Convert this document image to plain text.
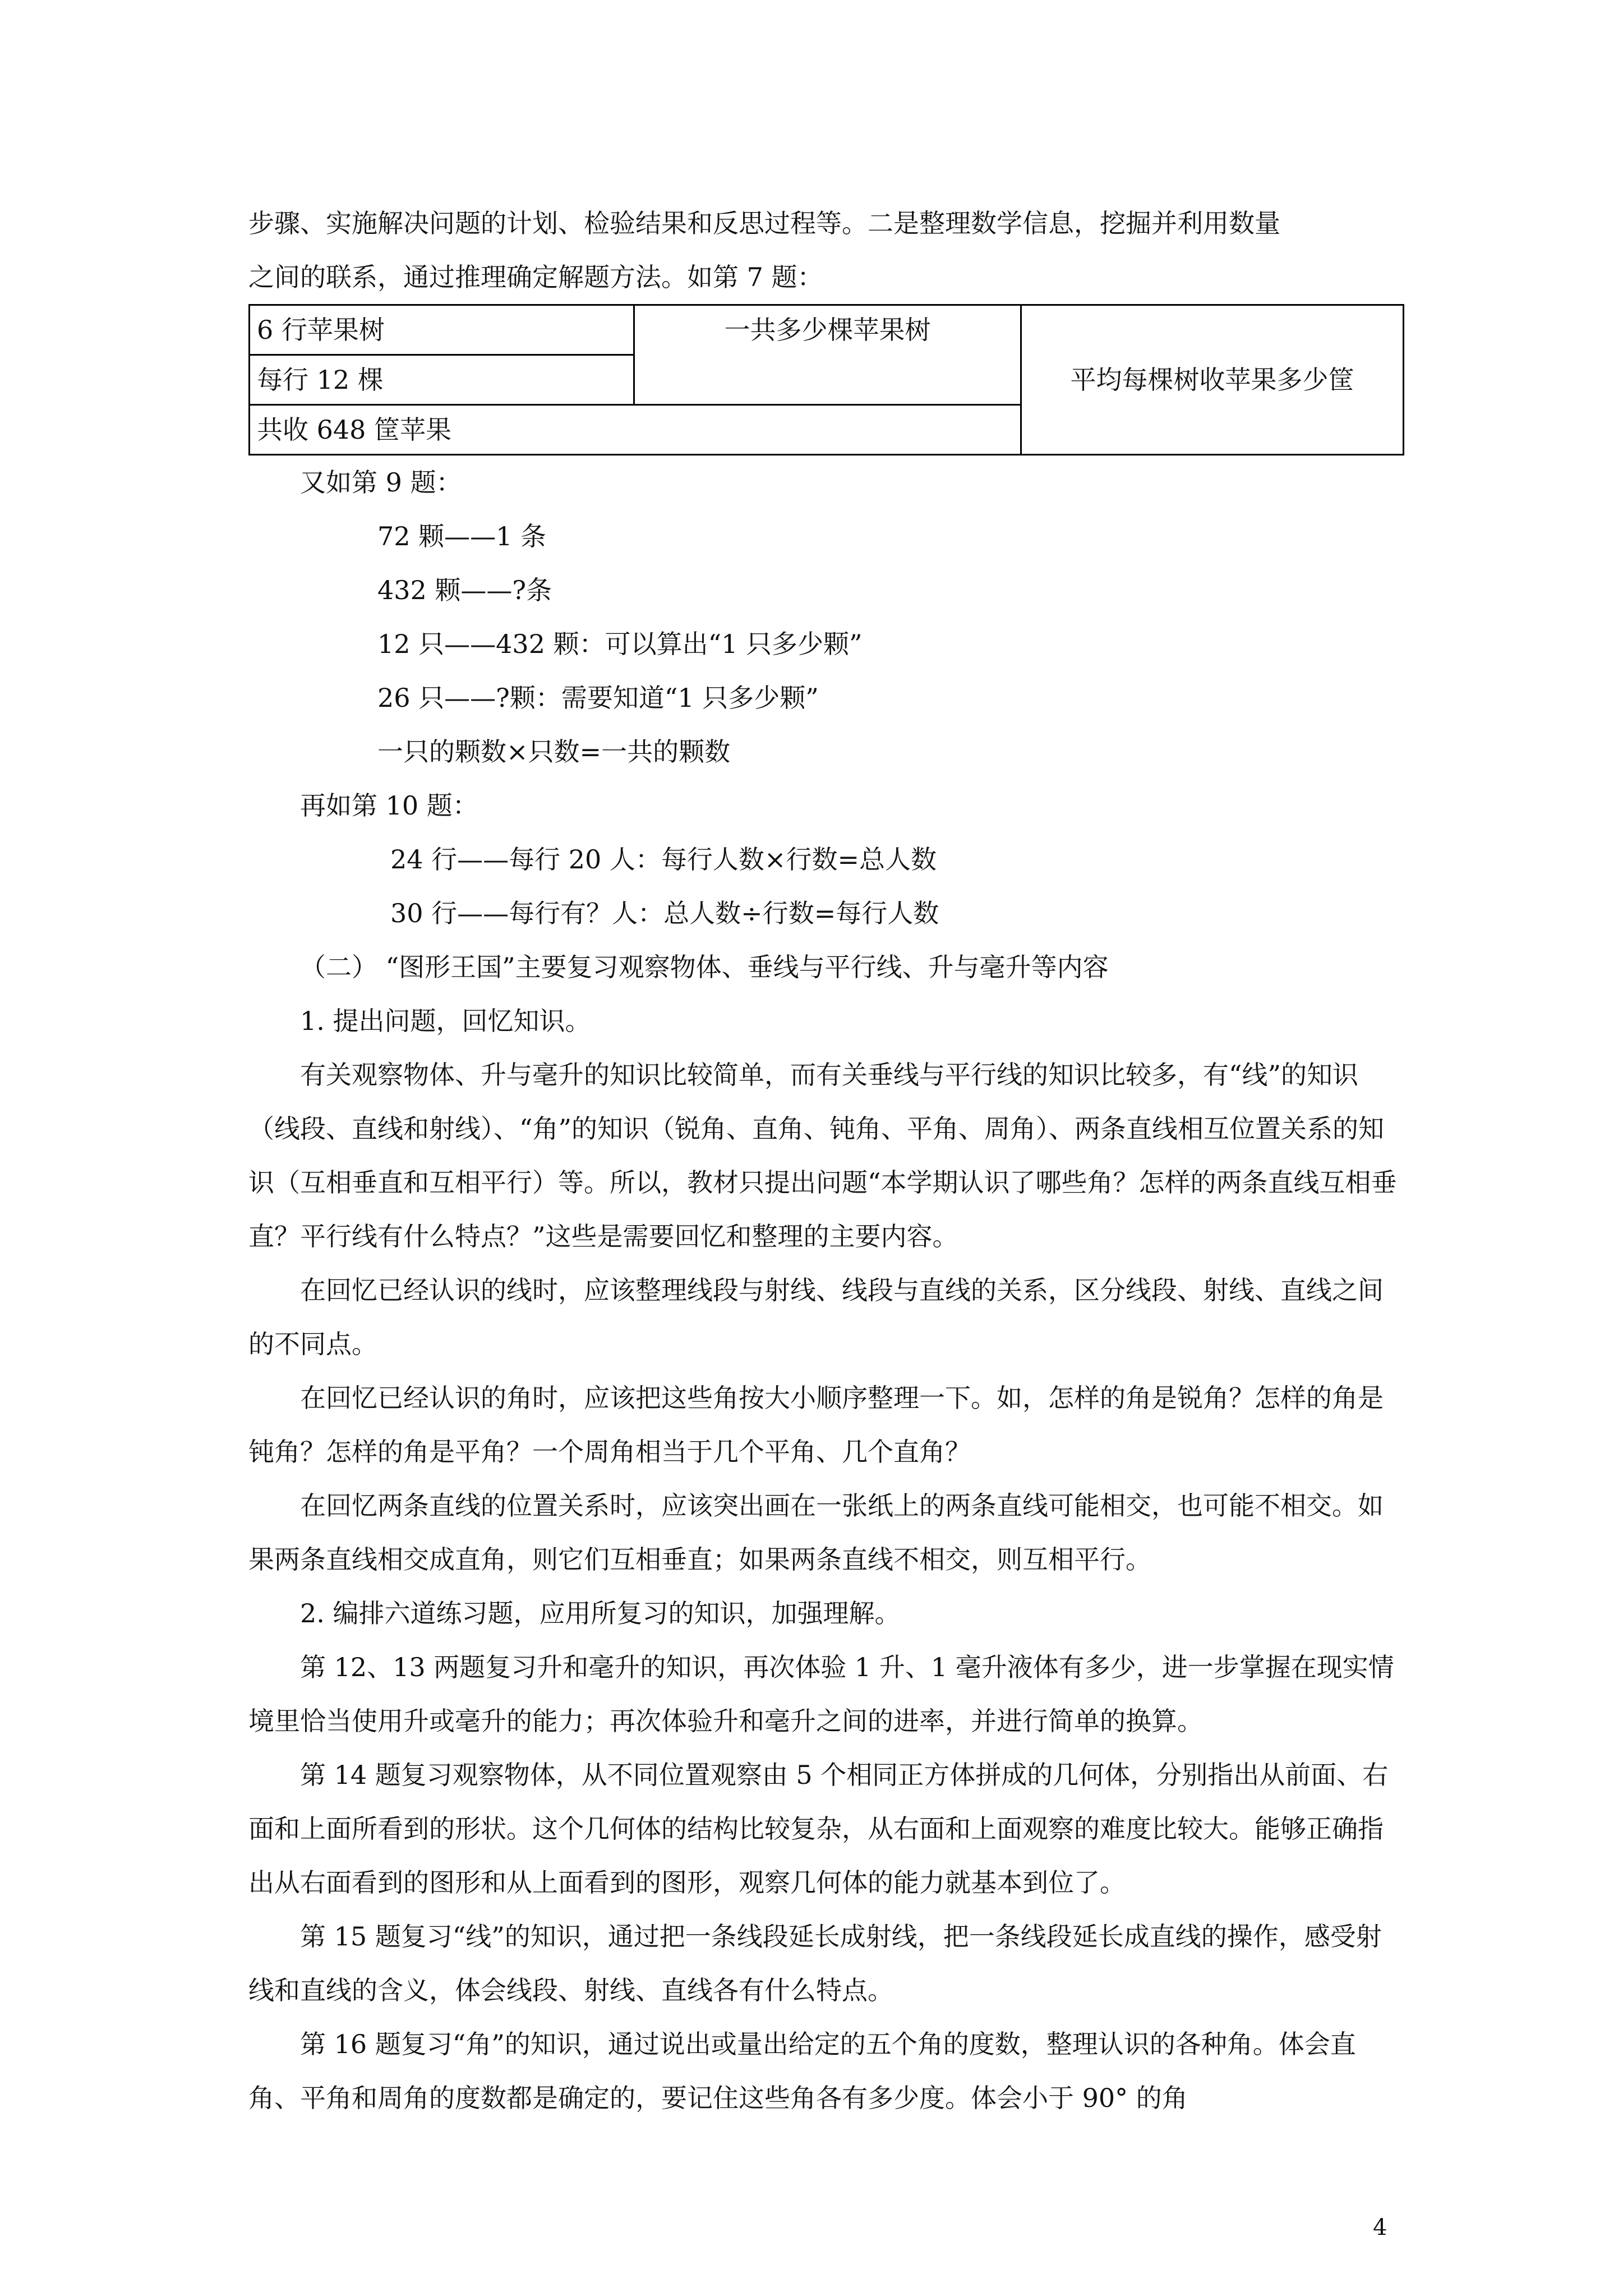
步骤、实施解决问题的计划、检验结果和反思过程等。二是整理数学信息，挖掘并利用数量

之间的联系，通过推理确定解题方法。如第 7 题：

6 行苹果树	一共多少棵苹果树	平均每棵树收苹果多少筐
每行 12 棵
共收 648 筐苹果

又如第 9 题：

72 颗——1 条

432 颗——?条

12 只——432 颗：可以算出“1 只多少颗”

26 只——?颗：需要知道“1 只多少颗”

一只的颗数×只数=一共的颗数

再如第 10 题：

24 行——每行 20 人：每行人数×行数=总人数

30 行——每行有？人：总人数÷行数=每行人数

（二） “图形王国”主要复习观察物体、垂线与平行线、升与毫升等内容

1. 提出问题，回忆知识。

有关观察物体、升与毫升的知识比较简单，而有关垂线与平行线的知识比较多，有“线”的知识（线段、直线和射线）、“角”的知识（锐角、直角、钝角、平角、周角）、两条直线相互位置关系的知识（互相垂直和互相平行）等。所以，教材只提出问题“本学期认识了哪些角？怎样的两条直线互相垂直？平行线有什么特点？”这些是需要回忆和整理的主要内容。

在回忆已经认识的线时，应该整理线段与射线、线段与直线的关系，区分线段、射线、直线之间的不同点。

在回忆已经认识的角时，应该把这些角按大小顺序整理一下。如，怎样的角是锐角？怎样的角是钝角？怎样的角是平角？一个周角相当于几个平角、几个直角？

在回忆两条直线的位置关系时，应该突出画在一张纸上的两条直线可能相交，也可能不相交。如果两条直线相交成直角，则它们互相垂直；如果两条直线不相交，则互相平行。

2. 编排六道练习题，应用所复习的知识，加强理解。

第 12、13 两题复习升和毫升的知识，再次体验 1 升、1 毫升液体有多少，进一步掌握在现实情境里恰当使用升或毫升的能力；再次体验升和毫升之间的进率，并进行简单的换算。

第 14 题复习观察物体，从不同位置观察由 5 个相同正方体拼成的几何体，分别指出从前面、右面和上面所看到的形状。这个几何体的结构比较复杂，从右面和上面观察的难度比较大。能够正确指出从右面看到的图形和从上面看到的图形，观察几何体的能力就基本到位了。

第 15 题复习“线”的知识，通过把一条线段延长成射线，把一条线段延长成直线的操作，感受射线和直线的含义，体会线段、射线、直线各有什么特点。

第 16 题复习“角”的知识，通过说出或量出给定的五个角的度数，整理认识的各种角。体会直角、平角和周角的度数都是确定的，要记住这些角各有多少度。体会小于 90° 的角

4
